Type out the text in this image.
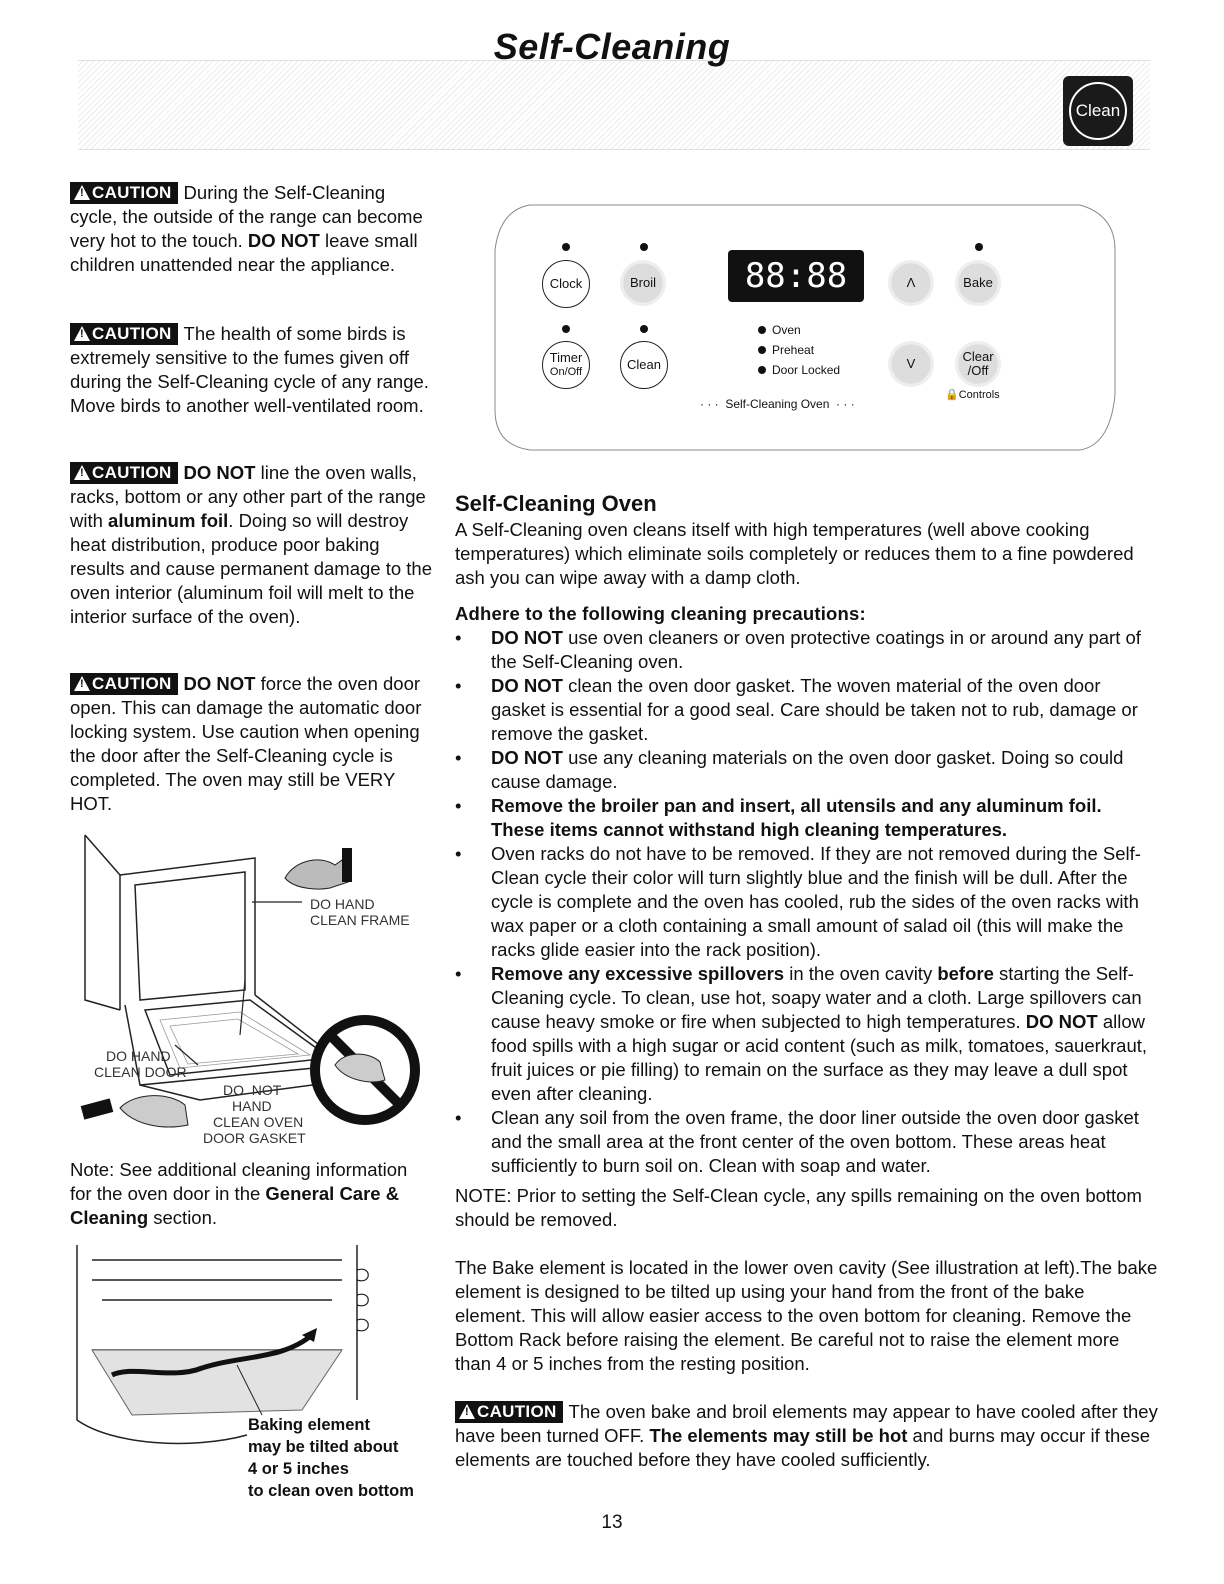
Self-Cleaning
Clean

!CAUTION During the Self-Cleaning cycle, the outside of the range can become very hot to the touch. DO NOT leave small children unattended near the appliance.

!CAUTION The health of some birds is extremely sensitive to the fumes given off during the Self-Cleaning cycle of any range. Move birds to another well-ventilated room.

!CAUTION DO NOT line the oven walls, racks, bottom or any other part of the range with aluminum foil. Doing so will destroy heat distribution, produce poor baking results and cause permanent damage to the oven interior (aluminum foil will melt to the interior surface of the oven).

!CAUTION DO NOT force the oven door open. This can damage the automatic door locking system. Use caution when opening the door after the Self-Cleaning cycle is completed. The oven may still be VERY HOT.

DO HAND
CLEAN FRAME
DO HAND
CLEAN DOOR
DO  NOT
HAND
CLEAN OVEN
DOOR GASKET

Note: See additional cleaning information for the oven door in the General Care & Cleaning section.

Baking element
may be tilted about
4 or 5 inches
to clean oven bottom
Clock	Broil
Timer
On/Off	Clean
88:88	Λ	Bake
V	Clear
/Off
Oven
Preheat
Door Locked
· · ·  Self-Cleaning Oven  · · ·
🔒Controls
Self-Cleaning Oven

A Self-Cleaning oven cleans itself with high temperatures (well above cooking temperatures) which eliminate soils completely or reduces them to a fine powdered ash you can wipe away with a damp cloth.

Adhere to the following cleaning precautions:
• DO NOT use oven cleaners or oven protective coatings in or around any part of the Self-Cleaning oven.
• DO NOT clean the oven door gasket. The woven material of the oven door gasket is essential for a good seal. Care should be taken not to rub, damage or remove the gasket.
• DO NOT use any cleaning materials on the oven door gasket. Doing so could cause damage.
• Remove the broiler pan and insert, all utensils and any aluminum foil. These items cannot withstand high cleaning temperatures.
• Oven racks do not have to be removed. If they are not removed during the Self-Clean cycle their color will turn slightly blue and the finish will be dull. After the cycle is complete and the oven has cooled, rub the sides of the oven racks with wax paper or a cloth containing a small amount of salad oil (this will make the racks glide easier into the rack position).
• Remove any excessive spillovers in the oven cavity before starting the Self-Cleaning cycle. To clean, use hot, soapy water and a cloth. Large spillovers can cause heavy smoke or fire when subjected to high temperatures. DO NOT allow food spills with a high sugar or acid content (such as milk, tomatoes, sauerkraut, fruit juices or pie filling) to remain on the surface as they may leave a dull spot even after cleaning.
• Clean any soil from the oven frame, the door liner outside the oven door gasket and the small area at the front center of the oven bottom. These areas heat sufficiently to burn soil on. Clean with soap and water.

NOTE: Prior to setting the Self-Clean cycle, any spills remaining on the oven bottom should be removed.

The Bake element is located in the lower oven cavity (See illustration at left).The bake element is designed to be tilted up using your hand from the front of the bake element. This will allow easier access to the oven bottom for cleaning. Remove the Bottom Rack before raising the element. Be careful not to raise the element more than 4 or 5 inches from the resting position.

!CAUTION The oven bake and broil elements may appear to have cooled after they have been turned OFF. The elements may still be hot and burns may occur if these elements are touched before they have cooled sufficiently.

13
